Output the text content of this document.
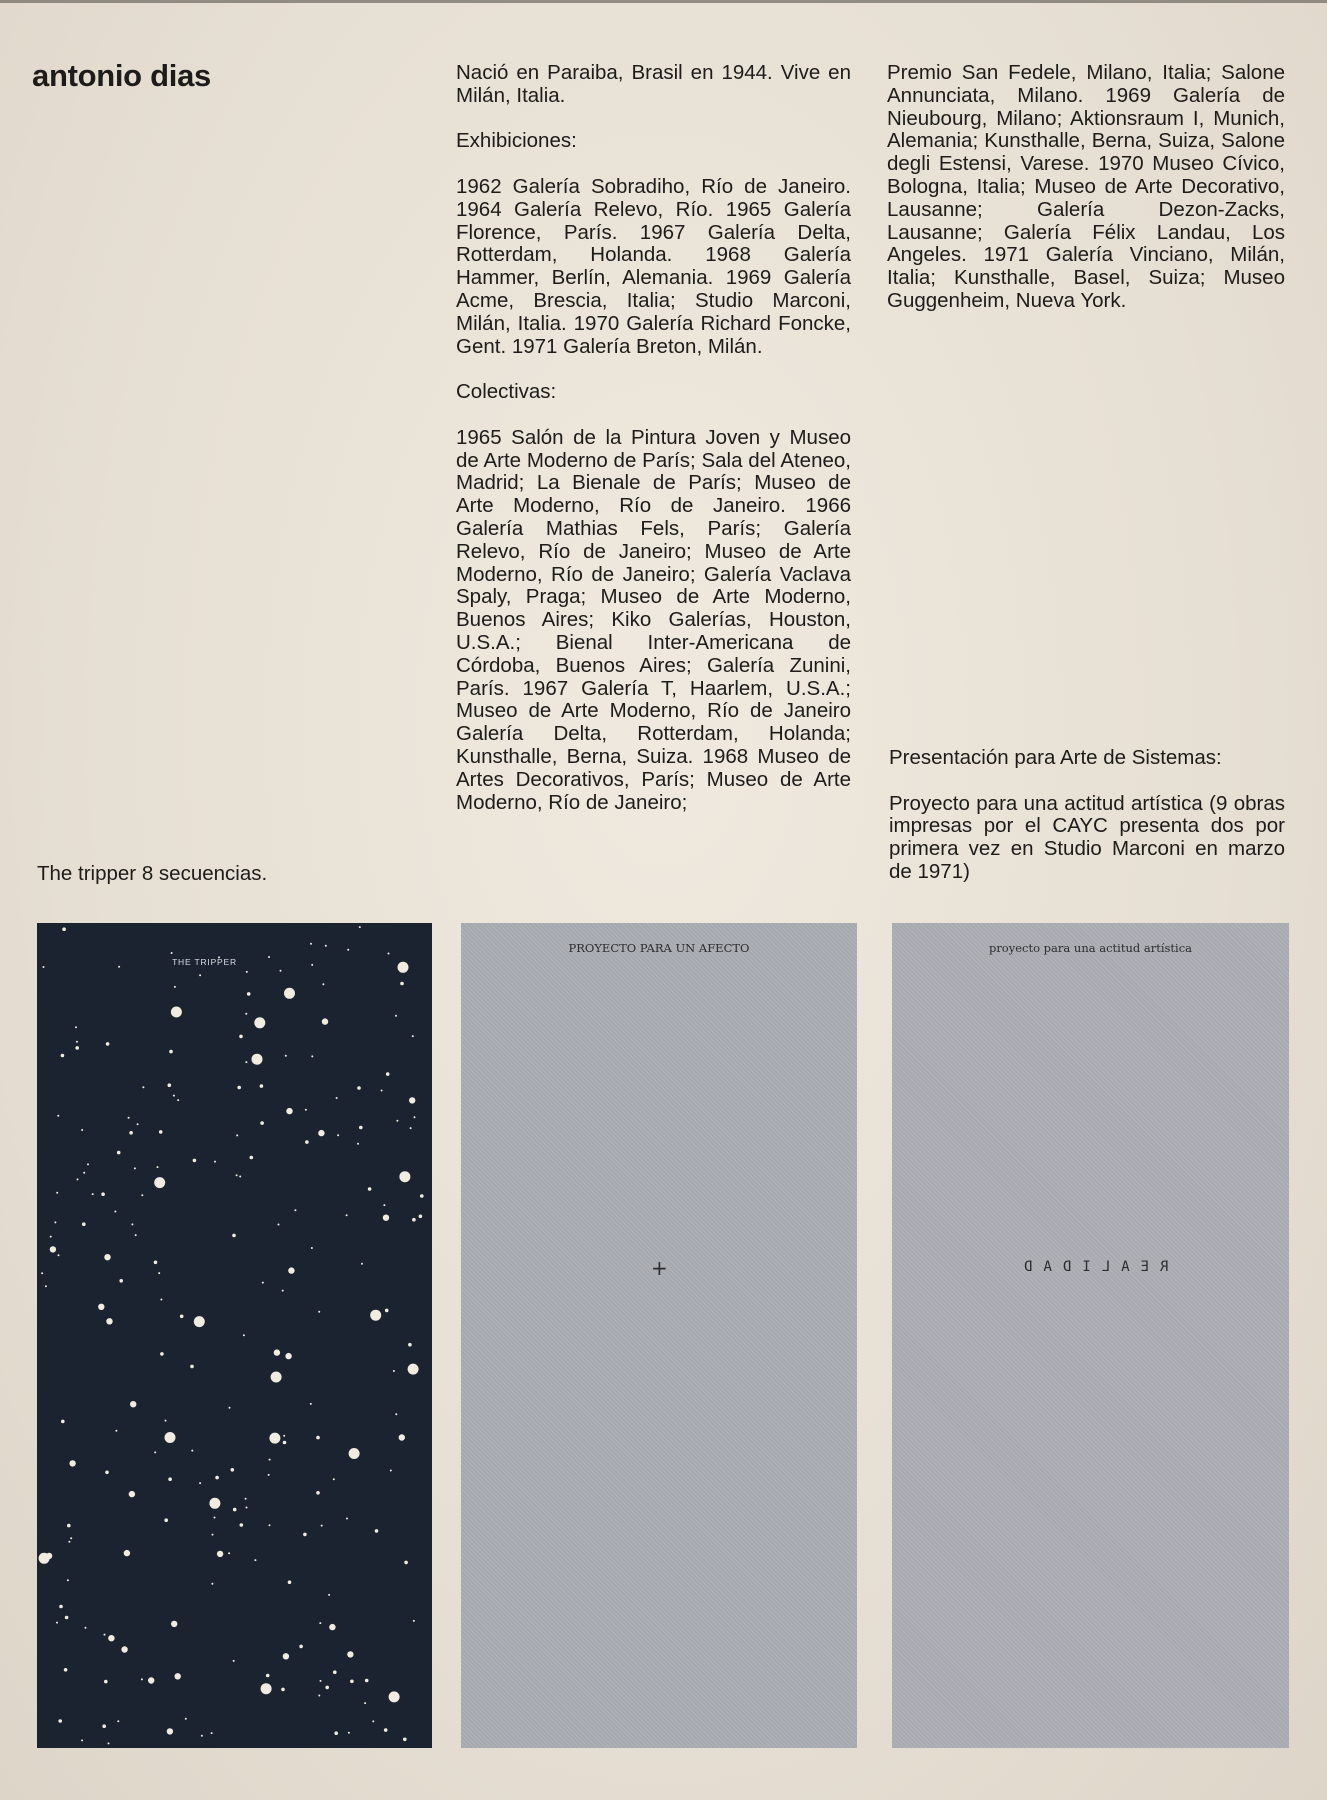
antonio dias	Nació en Paraiba, Brasil en 1944. Vive en Milán, Italia.

Exhibiciones:

1962 Galería Sobradiho, Río de Janeiro. 1964 Galería Relevo, Río. 1965 Galería Florence, París. 1967 Galería Delta, Rotterdam, Holanda. 1968 Galería Hammer, Berlín, Alemania. 1969 Galería Acme, Brescia, Italia; Studio Marconi, Milán, Italia. 1970 Galería Richard Foncke, Gent. 1971 Galería Breton, Milán.

Colectivas:

1965 Salón de la Pintura Joven y Museo de Arte Moderno de París; Sala del Ateneo, Madrid; La Bienale de París; Museo de Arte Moderno, Río de Janeiro. 1966 Galería Mathias Fels, París; Galería Relevo, Río de Janeiro; Museo de Arte Moderno, Río de Janeiro; Galería Vaclava Spaly, Praga; Museo de Arte Moderno, Buenos Aires; Kiko Galerías, Houston, U.S.A.; Bienal Inter-Americana de Córdoba, Buenos Aires; Galería Zunini, París. 1967 Galería T, Haarlem, U.S.A.; Museo de Arte Moderno, Río de Janeiro Galería Delta, Rotterdam, Holanda; Kunsthalle, Berna, Suiza. 1968 Museo de Artes Decorativos, París; Museo de Arte Moderno, Río de Janeiro;

Premio San Fedele, Milano, Italia; Salone Annunciata, Milano. 1969 Galería de Nieubourg, Milano; Aktionsraum I, Munich, Alemania; Kunsthalle, Berna, Suiza, Salone degli Estensi, Varese. 1970 Museo Cívico, Bologna, Italia; Museo de Arte Decorativo, Lausanne; Galería Dezon-Zacks, Lausanne; Galería Félix Landau, Los Angeles. 1971 Galería Vinciano, Milán, Italia; Kunsthalle, Basel, Suiza; Museo Guggenheim, Nueva York.

Presentación para Arte de Sistemas:

Proyecto para una actitud artística (9 obras impresas por el CAYC presenta dos por primera vez en Studio Marconi en marzo de 1971)

The tripper 8 secuencias.
THE TRIPPER
PROYECTO PARA UN AFECTO
+
proyecto para una actitud artística
REALIDAD
